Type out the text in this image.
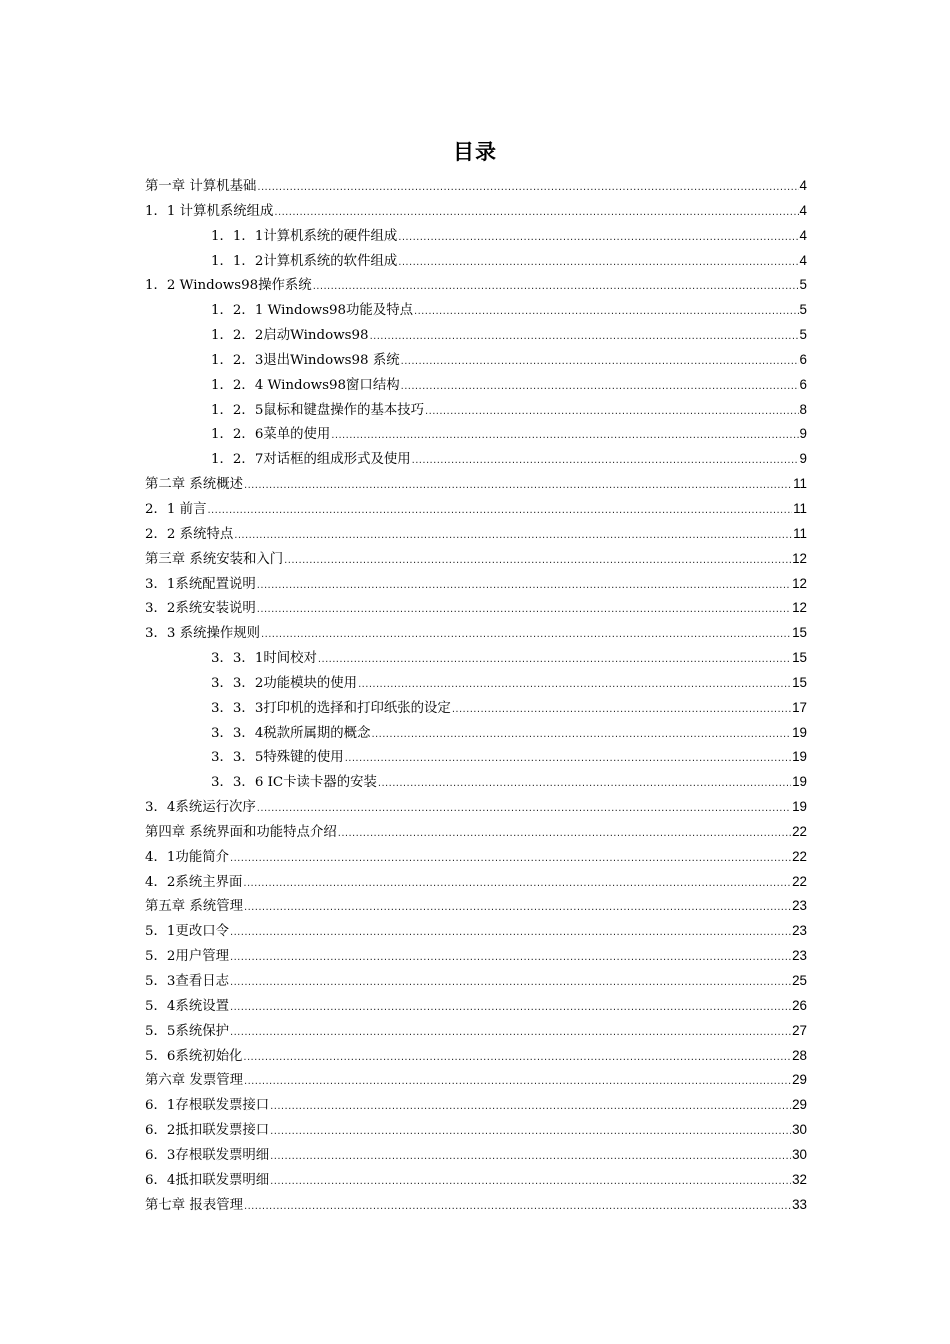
目录
第一章 计算机基础 .....	4
1．1 计算机系统组成 .....	4
1．1．1计算机系统的硬件组成 .....	4
1．1．2计算机系统的软件组成 .....	4
1．2 Windows98操作系统 .....	5
1．2．1 Windows98功能及特点 .....	5
1．2．2启动Windows98 .....	5
1．2．3退出Windows98 系统 .....	6
1．2．4 Windows98窗口结构 .....	6
1．2．5鼠标和键盘操作的基本技巧 .....	8
1．2．6菜单的使用 .....	9
1．2．7对话框的组成形式及使用 .....	9
第二章 系统概述 .....	11
2．1 前言 .....	11
2．2 系统特点 .....	11
第三章 系统安装和入门 .....	12
3．1系统配置说明 .....	12
3．2系统安装说明 .....	12
3．3 系统操作规则 .....	15
3．3．1时间校对 .....	15
3．3．2功能模块的使用 .....	15
3．3．3打印机的选择和打印纸张的设定 .....	17
3．3．4税款所属期的概念 .....	19
3．3．5特殊键的使用 .....	19
3．3．6 IC卡读卡器的安装 .....	19
3．4系统运行次序 .....	19
第四章 系统界面和功能特点介绍 .....	22
4．1功能简介 .....	22
4．2系统主界面 .....	22
第五章 系统管理 .....	23
5．1更改口令 .....	23
5．2用户管理 .....	23
5．3查看日志 .....	25
5．4系统设置 .....	26
5．5系统保护 .....	27
5．6系统初始化 .....	28
第六章 发票管理 .....	29
6．1存根联发票接口 .....	29
6．2抵扣联发票接口 .....	30
6．3存根联发票明细 .....	30
6．4抵扣联发票明细 .....	32
第七章 报表管理 .....	33
